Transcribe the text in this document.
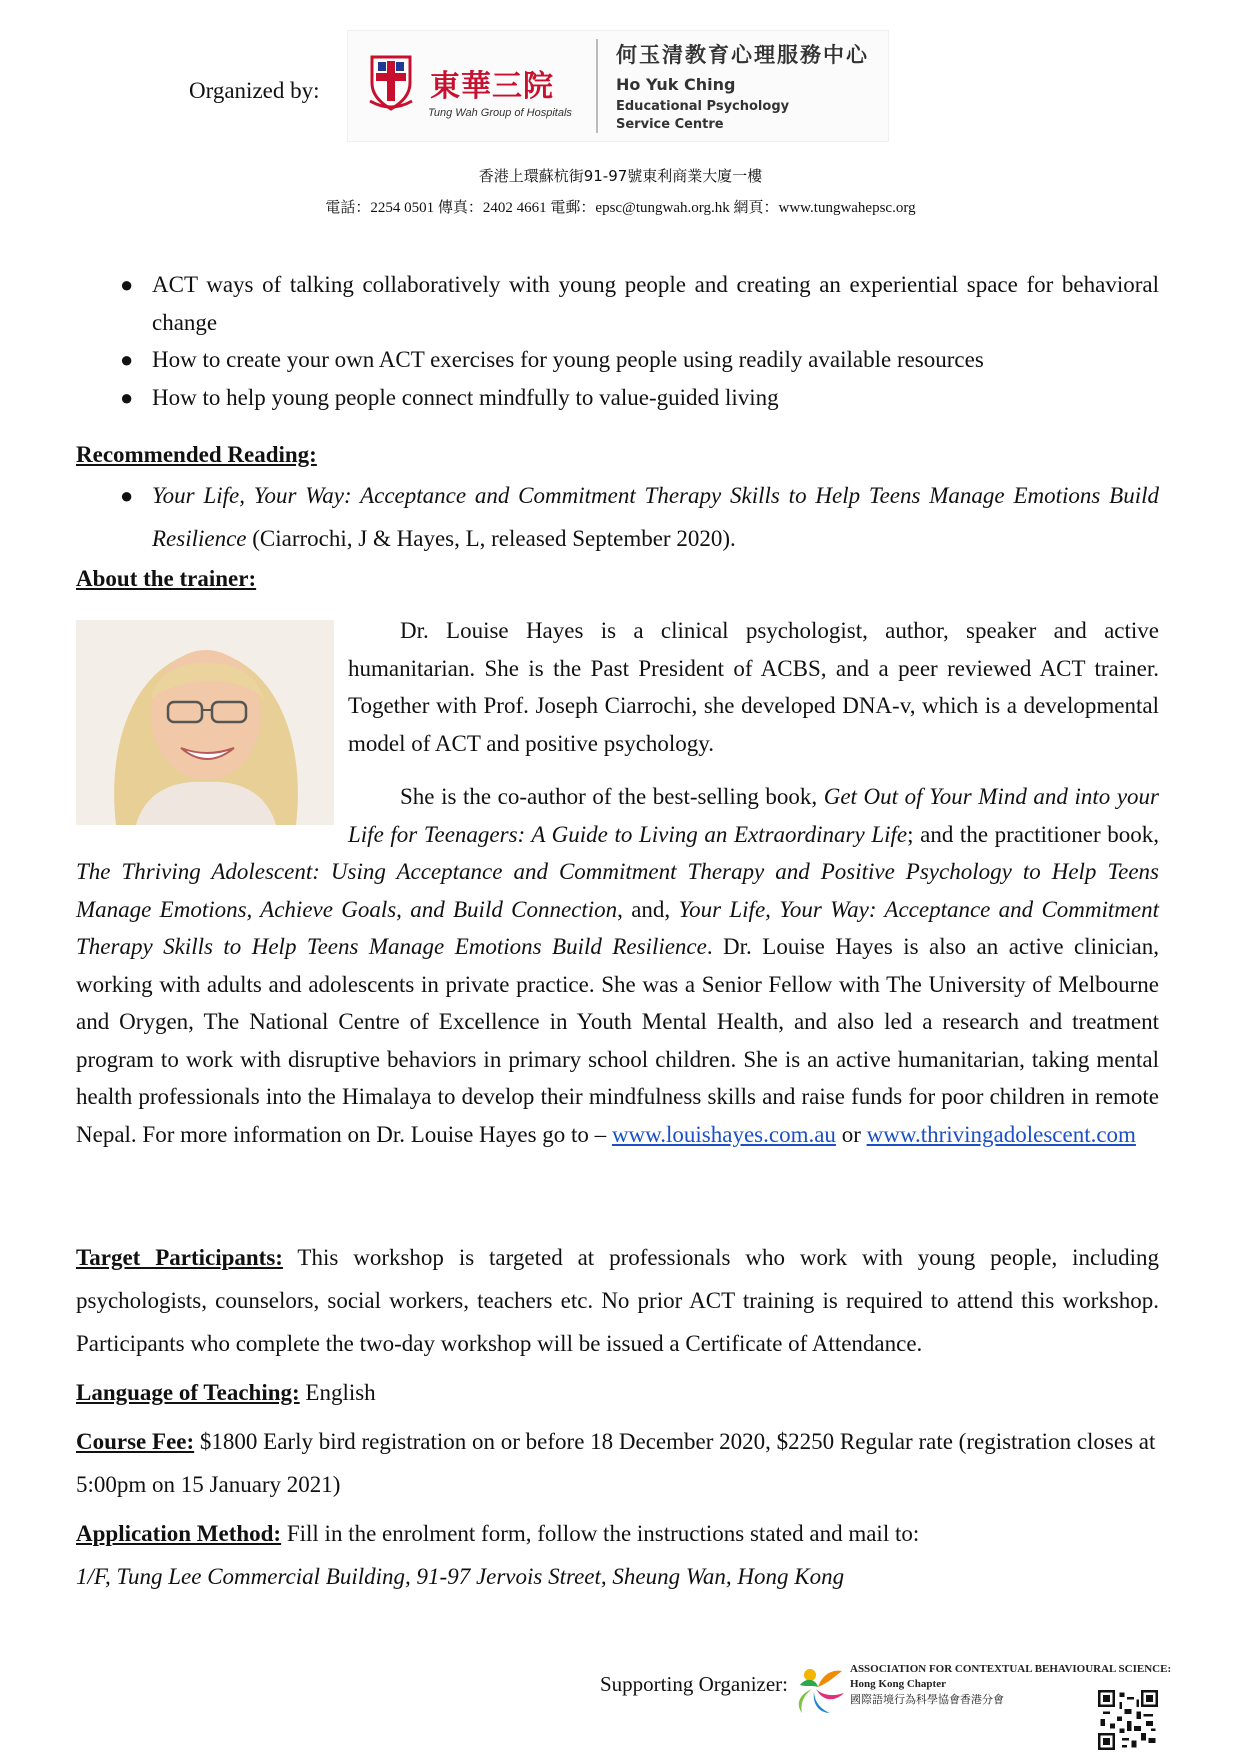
Organized by:	東華三院
Tung Wah Group of Hospitals
何玉清教育心理服務中心
Ho Yuk Ching
Educational Psychology
Service Centre
香港上環蘇杭街91-97號東利商業大廈一樓
電話：2254 0501 傳真：2402 4661 電郵：epsc@tungwah.org.hk 網頁：www.tungwahepsc.org
● ACT ways of talking collaboratively with young people and creating an experiential space for behavioral change
● How to create your own ACT exercises for young people using readily available resources
● How to help young people connect mindfully to value-guided living
Recommended Reading:
● Your Life, Your Way: Acceptance and Commitment Therapy Skills to Help Teens Manage Emotions Build Resilience (Ciarrochi, J & Hayes, L, released September 2020).
About the trainer:
Dr. Louise Hayes is a clinical psychologist, author, speaker and active humanitarian. She is the Past President of ACBS, and a peer reviewed ACT trainer. Together with Prof. Joseph Ciarrochi, she developed DNA-v, which is a developmental model of ACT and positive psychology.
She is the co-author of the best-selling book, Get Out of Your Mind and into your Life for Teenagers: A Guide to Living an Extraordinary Life; and the practitioner book, The Thriving Adolescent: Using Acceptance and Commitment Therapy and Positive Psychology to Help Teens Manage Emotions, Achieve Goals, and Build Connection, and, Your Life, Your Way: Acceptance and Commitment Therapy Skills to Help Teens Manage Emotions Build Resilience. Dr. Louise Hayes is also an active clinician, working with adults and adolescents in private practice. She was a Senior Fellow with The University of Melbourne and Orygen, The National Centre of Excellence in Youth Mental Health, and also led a research and treatment program to work with disruptive behaviors in primary school children. She is an active humanitarian, taking mental health professionals into the Himalaya to develop their mindfulness skills and raise funds for poor children in remote Nepal. For more information on Dr. Louise Hayes go to – www.louishayes.com.au or www.thrivingadolescent.com
Target Participants: This workshop is targeted at professionals who work with young people, including psychologists, counselors, social workers, teachers etc. No prior ACT training is required to attend this workshop. Participants who complete the two-day workshop will be issued a Certificate of Attendance.
Language of Teaching: English
Course Fee: $1800 Early bird registration on or before 18 December 2020, $2250 Regular rate (registration closes at 5:00pm on 15 January 2021)
Application Method: Fill in the enrolment form, follow the instructions stated and mail to:
1/F, Tung Lee Commercial Building, 91-97 Jervois Street, Sheung Wan, Hong Kong
Supporting Organizer:
ASSOCIATION FOR CONTEXTUAL BEHAVIOURAL SCIENCE:
Hong Kong Chapter
國際語境行為科學協會香港分會
